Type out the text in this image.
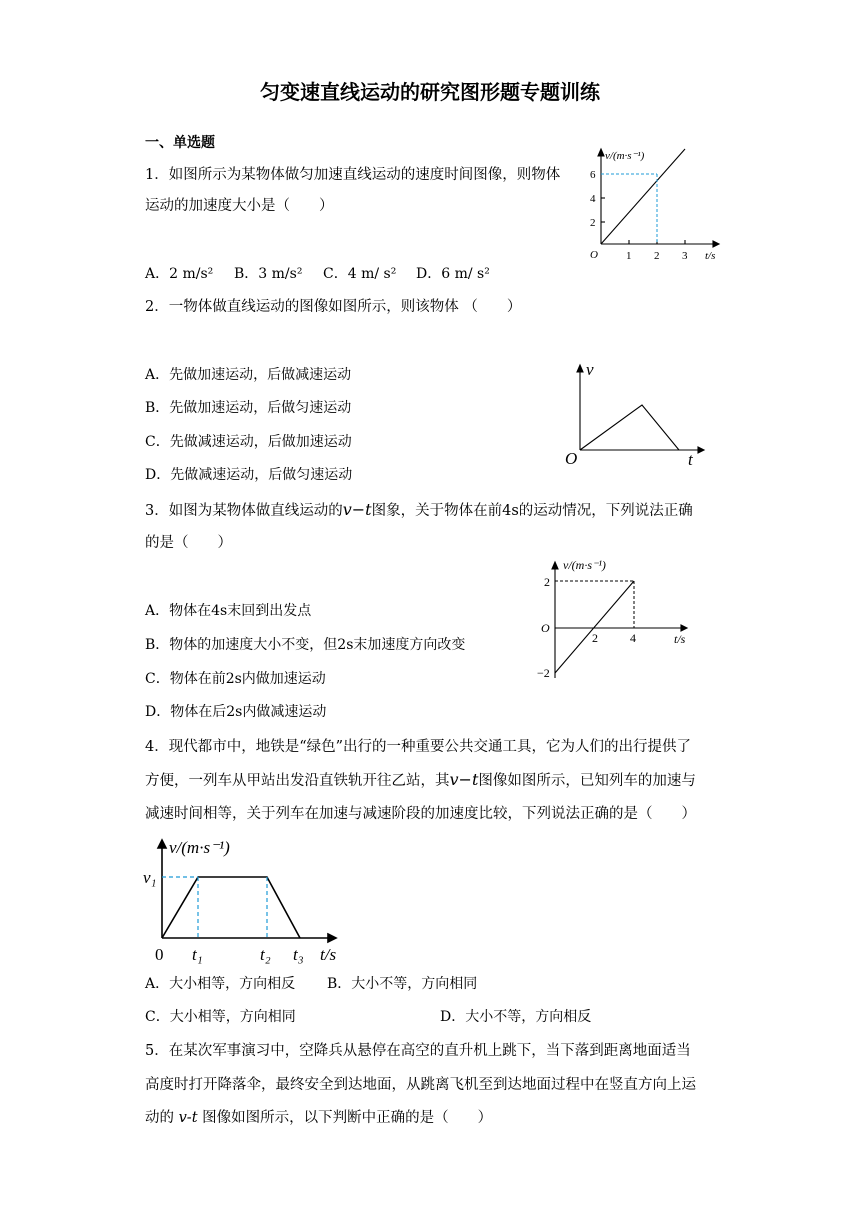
匀变速直线运动的研究图形题专题训练
一、单选题
1．如图所示为某物体做匀加速直线运动的速度时间图像，则物体
运动的加速度大小是（　　）
A．2 m/s² B．3 m/s² C．4 m/ s² D．6 m/ s²
v/(m·s⁻¹)
t/s
O	1 2 3
2
4
6
2．一物体做直线运动的图像如图所示，则该物体 （　　）
A．先做加速运动，后做减速运动
B．先做加速运动，后做匀速运动
C．先做减速运动，后做加速运动
D．先做减速运动，后做匀速运动
v
t
O
3．如图为某物体做直线运动的v−t图象，关于物体在前4s的运动情况，下列说法正确
的是（　　）
A．物体在4s末回到出发点
B．物体的加速度大小不变，但2s末加速度方向改变
C．物体在前2s内做加速运动
D．物体在后2s内做减速运动
v/(m·s⁻¹)
t/s
O
2
−2
2	4
4．现代都市中，地铁是“绿色”出行的一种重要公共交通工具，它为人们的出行提供了
方便，一列车从甲站出发沿直铁轨开往乙站，其v−t图像如图所示，已知列车的加速与
减速时间相等，关于列车在加速与减速阶段的加速度比较，下列说法正确的是（　　）
v/(m·s⁻¹)
t/s
0
v₁
t₁	t₂ t₃
A．大小相等，方向相反 B．大小不等，方向相同
C．大小相等，方向相同	D．大小不等，方向相反
5．在某次军事演习中，空降兵从悬停在高空的直升机上跳下，当下落到距离地面适当
高度时打开降落伞，最终安全到达地面，从跳离飞机至到达地面过程中在竖直方向上运
动的 v-t 图像如图所示，以下判断中正确的是（　　）
